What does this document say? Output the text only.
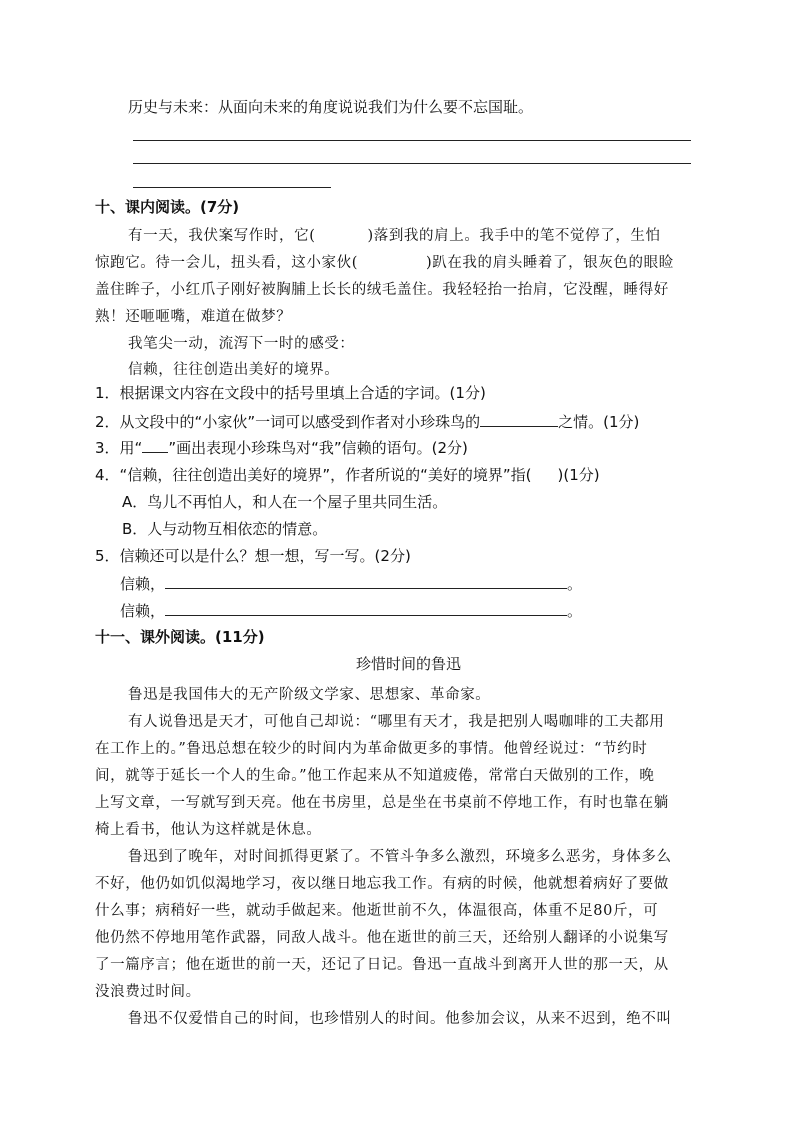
历史与未来：从面向未来的角度说说我们为什么要不忘国耻。
十、课内阅读。(7分)
有一天，我伏案写作时，它(	)落到我的肩上。我手中的笔不觉停了，生怕
惊跑它。待一会儿，扭头看，这小家伙(	)趴在我的肩头睡着了，银灰色的眼睑
盖住眸子，小红爪子刚好被胸脯上长长的绒毛盖住。我轻轻抬一抬肩，它没醒，睡得好
熟！还咂咂嘴，难道在做梦？
我笔尖一动，流泻下一时的感受：
信赖，往往创造出美好的境界。
1．根据课文内容在文段中的括号里填上合适的字词。(1分)
2．从文段中的“小家伙”一词可以感受到作者对小珍珠鸟的	之情。(1分)
3．用“ ”画出表现小珍珠鸟对“我”信赖的语句。(2分)
4．“信赖，往往创造出美好的境界”，作者所说的“美好的境界”指( )(1分)
A．鸟儿不再怕人，和人在一个屋子里共同生活。
B．人与动物互相依恋的情意。
5．信赖还可以是什么？想一想，写一写。(2分)
信赖，	。
信赖，	。
十一、课外阅读。(11分)
珍惜时间的鲁迅
鲁迅是我国伟大的无产阶级文学家、思想家、革命家。
有人说鲁迅是天才，可他自己却说：“哪里有天才，我是把别人喝咖啡的工夫都用
在工作上的。”鲁迅总想在较少的时间内为革命做更多的事情。他曾经说过：“节约时
间，就等于延长一个人的生命。”他工作起来从不知道疲倦，常常白天做别的工作，晚
上写文章，一写就写到天亮。他在书房里，总是坐在书桌前不停地工作，有时也靠在躺
椅上看书，他认为这样就是休息。
鲁迅到了晚年，对时间抓得更紧了。不管斗争多么激烈，环境多么恶劣，身体多么
不好，他仍如饥似渴地学习，夜以继日地忘我工作。有病的时候，他就想着病好了要做
什么事；病稍好一些，就动手做起来。他逝世前不久，体温很高，体重不足80斤，可
他仍然不停地用笔作武器，同敌人战斗。他在逝世的前三天，还给别人翻译的小说集写
了一篇序言；他在逝世的前一天，还记了日记。鲁迅一直战斗到离开人世的那一天，从
没浪费过时间。
鲁迅不仅爱惜自己的时间，也珍惜别人的时间。他参加会议，从来不迟到，绝不叫
